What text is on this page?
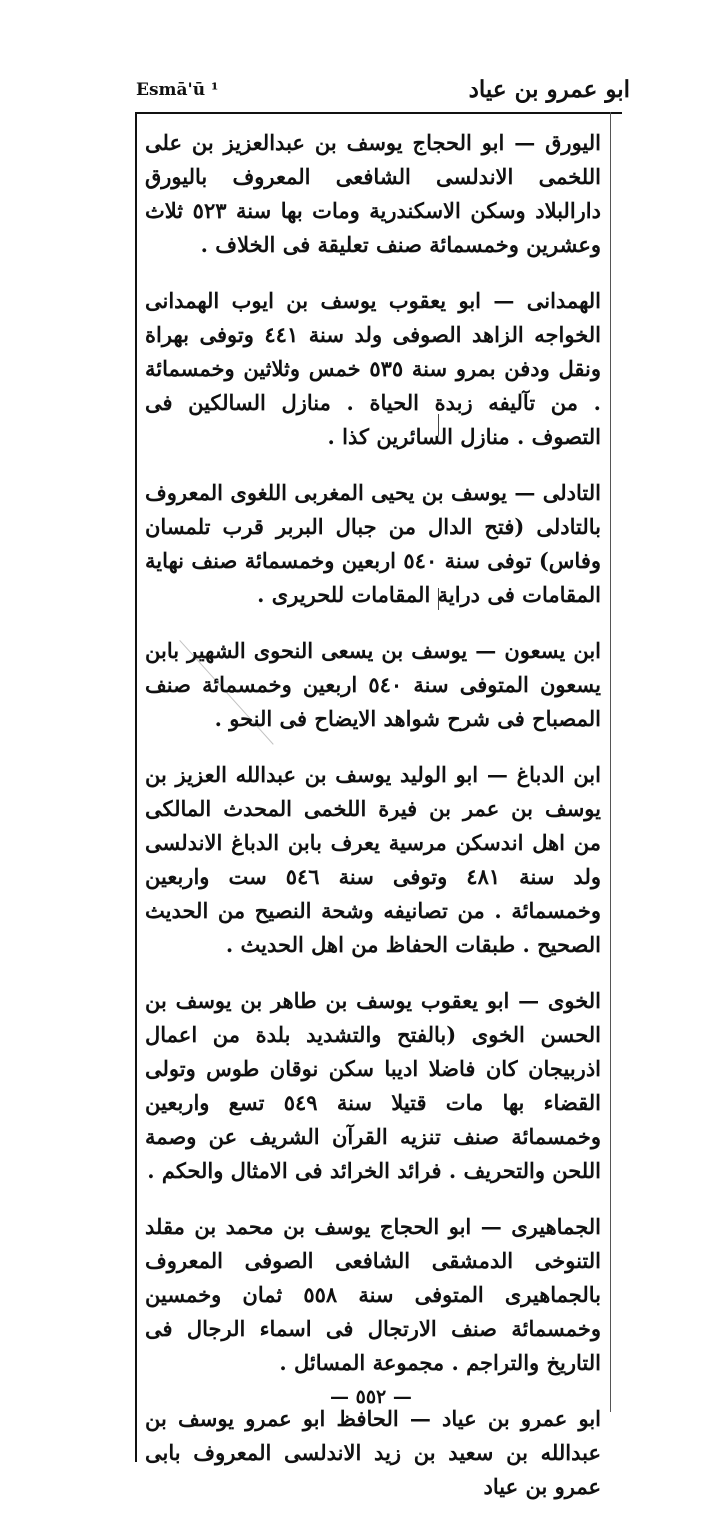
ابو عمرو بن عياد
Esmā'ū ¹

اليورق — ابو الحجاج يوسف بن عبدالعزيز بن على اللخمى الاندلسى الشافعى المعروف باليورق دارالبلاد وسكن الاسكندرية ومات بها سنة ٥٢٣ ثلاث وعشرين وخمسمائة صنف تعليقة فى الخلاف .

الهمدانى — ابو يعقوب يوسف بن ايوب الهمدانى الخواجه الزاهد الصوفى ولد سنة ٤٤١ وتوفى بهراة ونقل ودفن بمرو سنة ٥٣٥ خمس وثلاثين وخمسمائة . من تآليفه زبدة الحياة . منازل السالكين فى التصوف . منازل السائرين كذا .

التادلى — يوسف بن يحيى المغربى اللغوى المعروف بالتادلى (فتح الدال من جبال البربر قرب تلمسان وفاس) توفى سنة ٥٤٠ اربعين وخمسمائة صنف نهاية المقامات فى دراية المقامات للحريرى .

ابن يسعون — يوسف بن يسعى النحوى الشهير بابن يسعون المتوفى سنة ٥٤٠ اربعين وخمسمائة صنف المصباح فى شرح شواهد الايضاح فى النحو .

ابن الدباغ — ابو الوليد يوسف بن عبدالله العزيز بن يوسف بن عمر بن فيرة اللخمى المحدث المالكى من اهل اندسكن مرسية يعرف بابن الدباغ الاندلسى ولد سنة ٤٨١ وتوفى سنة ٥٤٦ ست واربعين وخمسمائة . من تصانيفه وشحة النصيح من الحديث الصحيح . طبقات الحفاظ من اهل الحديث .

الخوى — ابو يعقوب يوسف بن طاهر بن يوسف بن الحسن الخوى (بالفتح والتشديد بلدة من اعمال اذربيجان كان فاضلا اديبا سكن نوقان طوس وتولى القضاء بها مات قتيلا سنة ٥٤٩ تسع واربعين وخمسمائة صنف تنزيه القرآن الشريف عن وصمة اللحن والتحريف . فرائد الخرائد فى الامثال والحكم .

الجماهيرى — ابو الحجاج يوسف بن محمد بن مقلد التنوخى الدمشقى الشافعى الصوفى المعروف بالجماهيرى المتوفى سنة ٥٥٨ ثمان وخمسين وخمسمائة صنف الارتجال فى اسماء الرجال فى التاريخ والتراجم . مجموعة المسائل .

ابو عمرو بن عياد — الحافظ ابو عمرو يوسف بن عبدالله بن سعيد بن زيد الاندلسى المعروف بابى عمرو بن عياد

— ٥٥٢ —
